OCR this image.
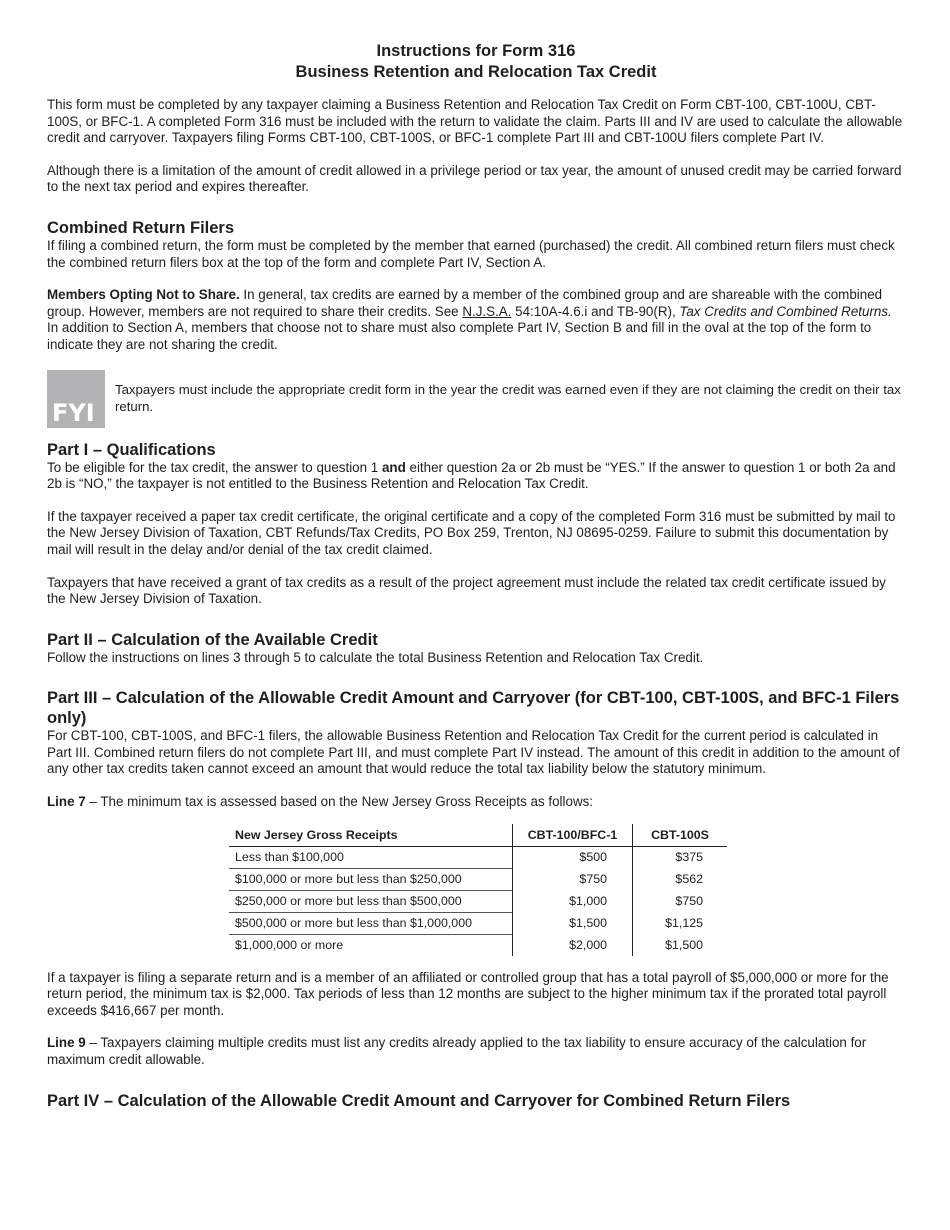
Instructions for Form 316

Business Retention and Relocation Tax Credit

This form must be completed by any taxpayer claiming a Business Retention and Relocation Tax Credit on Form CBT-100, CBT-100U, CBT-100S, or BFC-1. A completed Form 316 must be included with the return to validate the claim. Parts III and IV are used to calculate the allowable credit and carryover. Taxpayers filing Forms CBT-100, CBT-100S, or BFC-1 complete Part III and CBT-100U filers complete Part IV.

Although there is a limitation of the amount of credit allowed in a privilege period or tax year, the amount of unused credit may be carried forward to the next tax period and expires thereafter.

Combined Return Filers

If filing a combined return, the form must be completed by the member that earned (purchased) the credit. All combined return filers must check the combined return filers box at the top of the form and complete Part IV, Section A.

Members Opting Not to Share. In general, tax credits are earned by a member of the combined group and are shareable with the combined group. However, members are not required to share their credits. See N.J.S.A. 54:10A-4.6.i and TB-90(R), Tax Credits and Combined Returns. In addition to Section A, members that choose not to share must also complete Part IV, Section B and fill in the oval at the top of the form to indicate they are not sharing the credit.

FYI
Taxpayers must include the appropriate credit form in the year the credit was earned even if they are not claiming the credit on their tax return.
Part I – Qualifications

To be eligible for the tax credit, the answer to question 1 and either question 2a or 2b must be “YES.” If the answer to question 1 or both 2a and 2b is “NO,” the taxpayer is not entitled to the Business Retention and Relocation Tax Credit.

If the taxpayer received a paper tax credit certificate, the original certificate and a copy of the completed Form 316 must be submitted by mail to the New Jersey Division of Taxation, CBT Refunds/Tax Credits, PO Box 259, Trenton, NJ 08695-0259. Failure to submit this documentation by mail will result in the delay and/or denial of the tax credit claimed.

Taxpayers that have received a grant of tax credits as a result of the project agreement must include the related tax credit certificate issued by the New Jersey Division of Taxation.

Part II – Calculation of the Available Credit

Follow the instructions on lines 3 through 5 to calculate the total Business Retention and Relocation Tax Credit.

Part III – Calculation of the Allowable Credit Amount and Carryover (for CBT-100, CBT-100S, and BFC-1 Filers only)

For CBT-100, CBT-100S, and BFC-1 filers, the allowable Business Retention and Relocation Tax Credit for the current period is calculated in Part III. Combined return filers do not complete Part III, and must complete Part IV instead. The amount of this credit in addition to the amount of any other tax credits taken cannot exceed an amount that would reduce the total tax liability below the statutory minimum.

Line 7 – The minimum tax is assessed based on the New Jersey Gross Receipts as follows:

New Jersey Gross Receipts	CBT-100/BFC-1	CBT-100S
Less than $100,000	$500	$375
$100,000 or more but less than $250,000	$750	$562
$250,000 or more but less than $500,000	$1,000	$750
$500,000 or more but less than $1,000,000	$1,500	$1,125
$1,000,000 or more	$2,000	$1,500

If a taxpayer is filing a separate return and is a member of an affiliated or controlled group that has a total payroll of $5,000,000 or more for the return period, the minimum tax is $2,000. Tax periods of less than 12 months are subject to the higher minimum tax if the prorated total payroll exceeds $416,667 per month.

Line 9 – Taxpayers claiming multiple credits must list any credits already applied to the tax liability to ensure accuracy of the calculation for maximum credit allowable.

Part IV – Calculation of the Allowable Credit Amount and Carryover for Combined Return Filers
